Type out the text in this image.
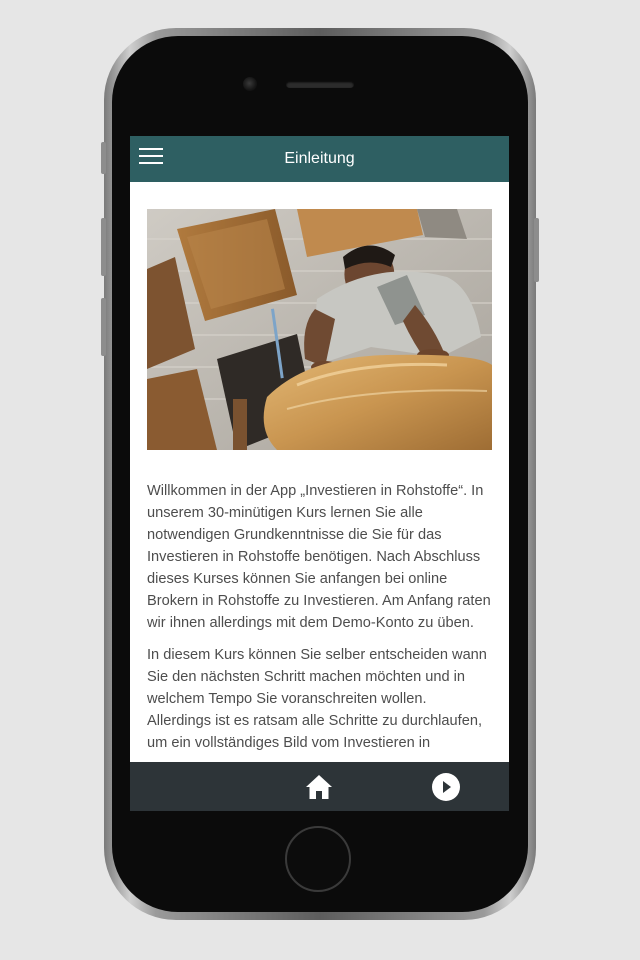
Einleitung

Willkommen in der App „Investieren in Rohstoffe“. In unserem 30-minütigen Kurs lernen Sie alle notwendigen Grundkenntnisse die Sie für das Investieren in Rohstoffe benötigen. Nach Abschluss dieses Kurses können Sie anfangen bei online Brokern in Rohstoffe zu Investieren. Am Anfang raten wir ihnen allerdings mit dem Demo-Konto zu üben.

In diesem Kurs können Sie selber entscheiden wann Sie den nächsten Schritt machen möchten und in welchem Tempo Sie voranschreiten wollen. Allerdings ist es ratsam alle Schritte zu durchlaufen, um ein vollständiges Bild vom Investieren in
